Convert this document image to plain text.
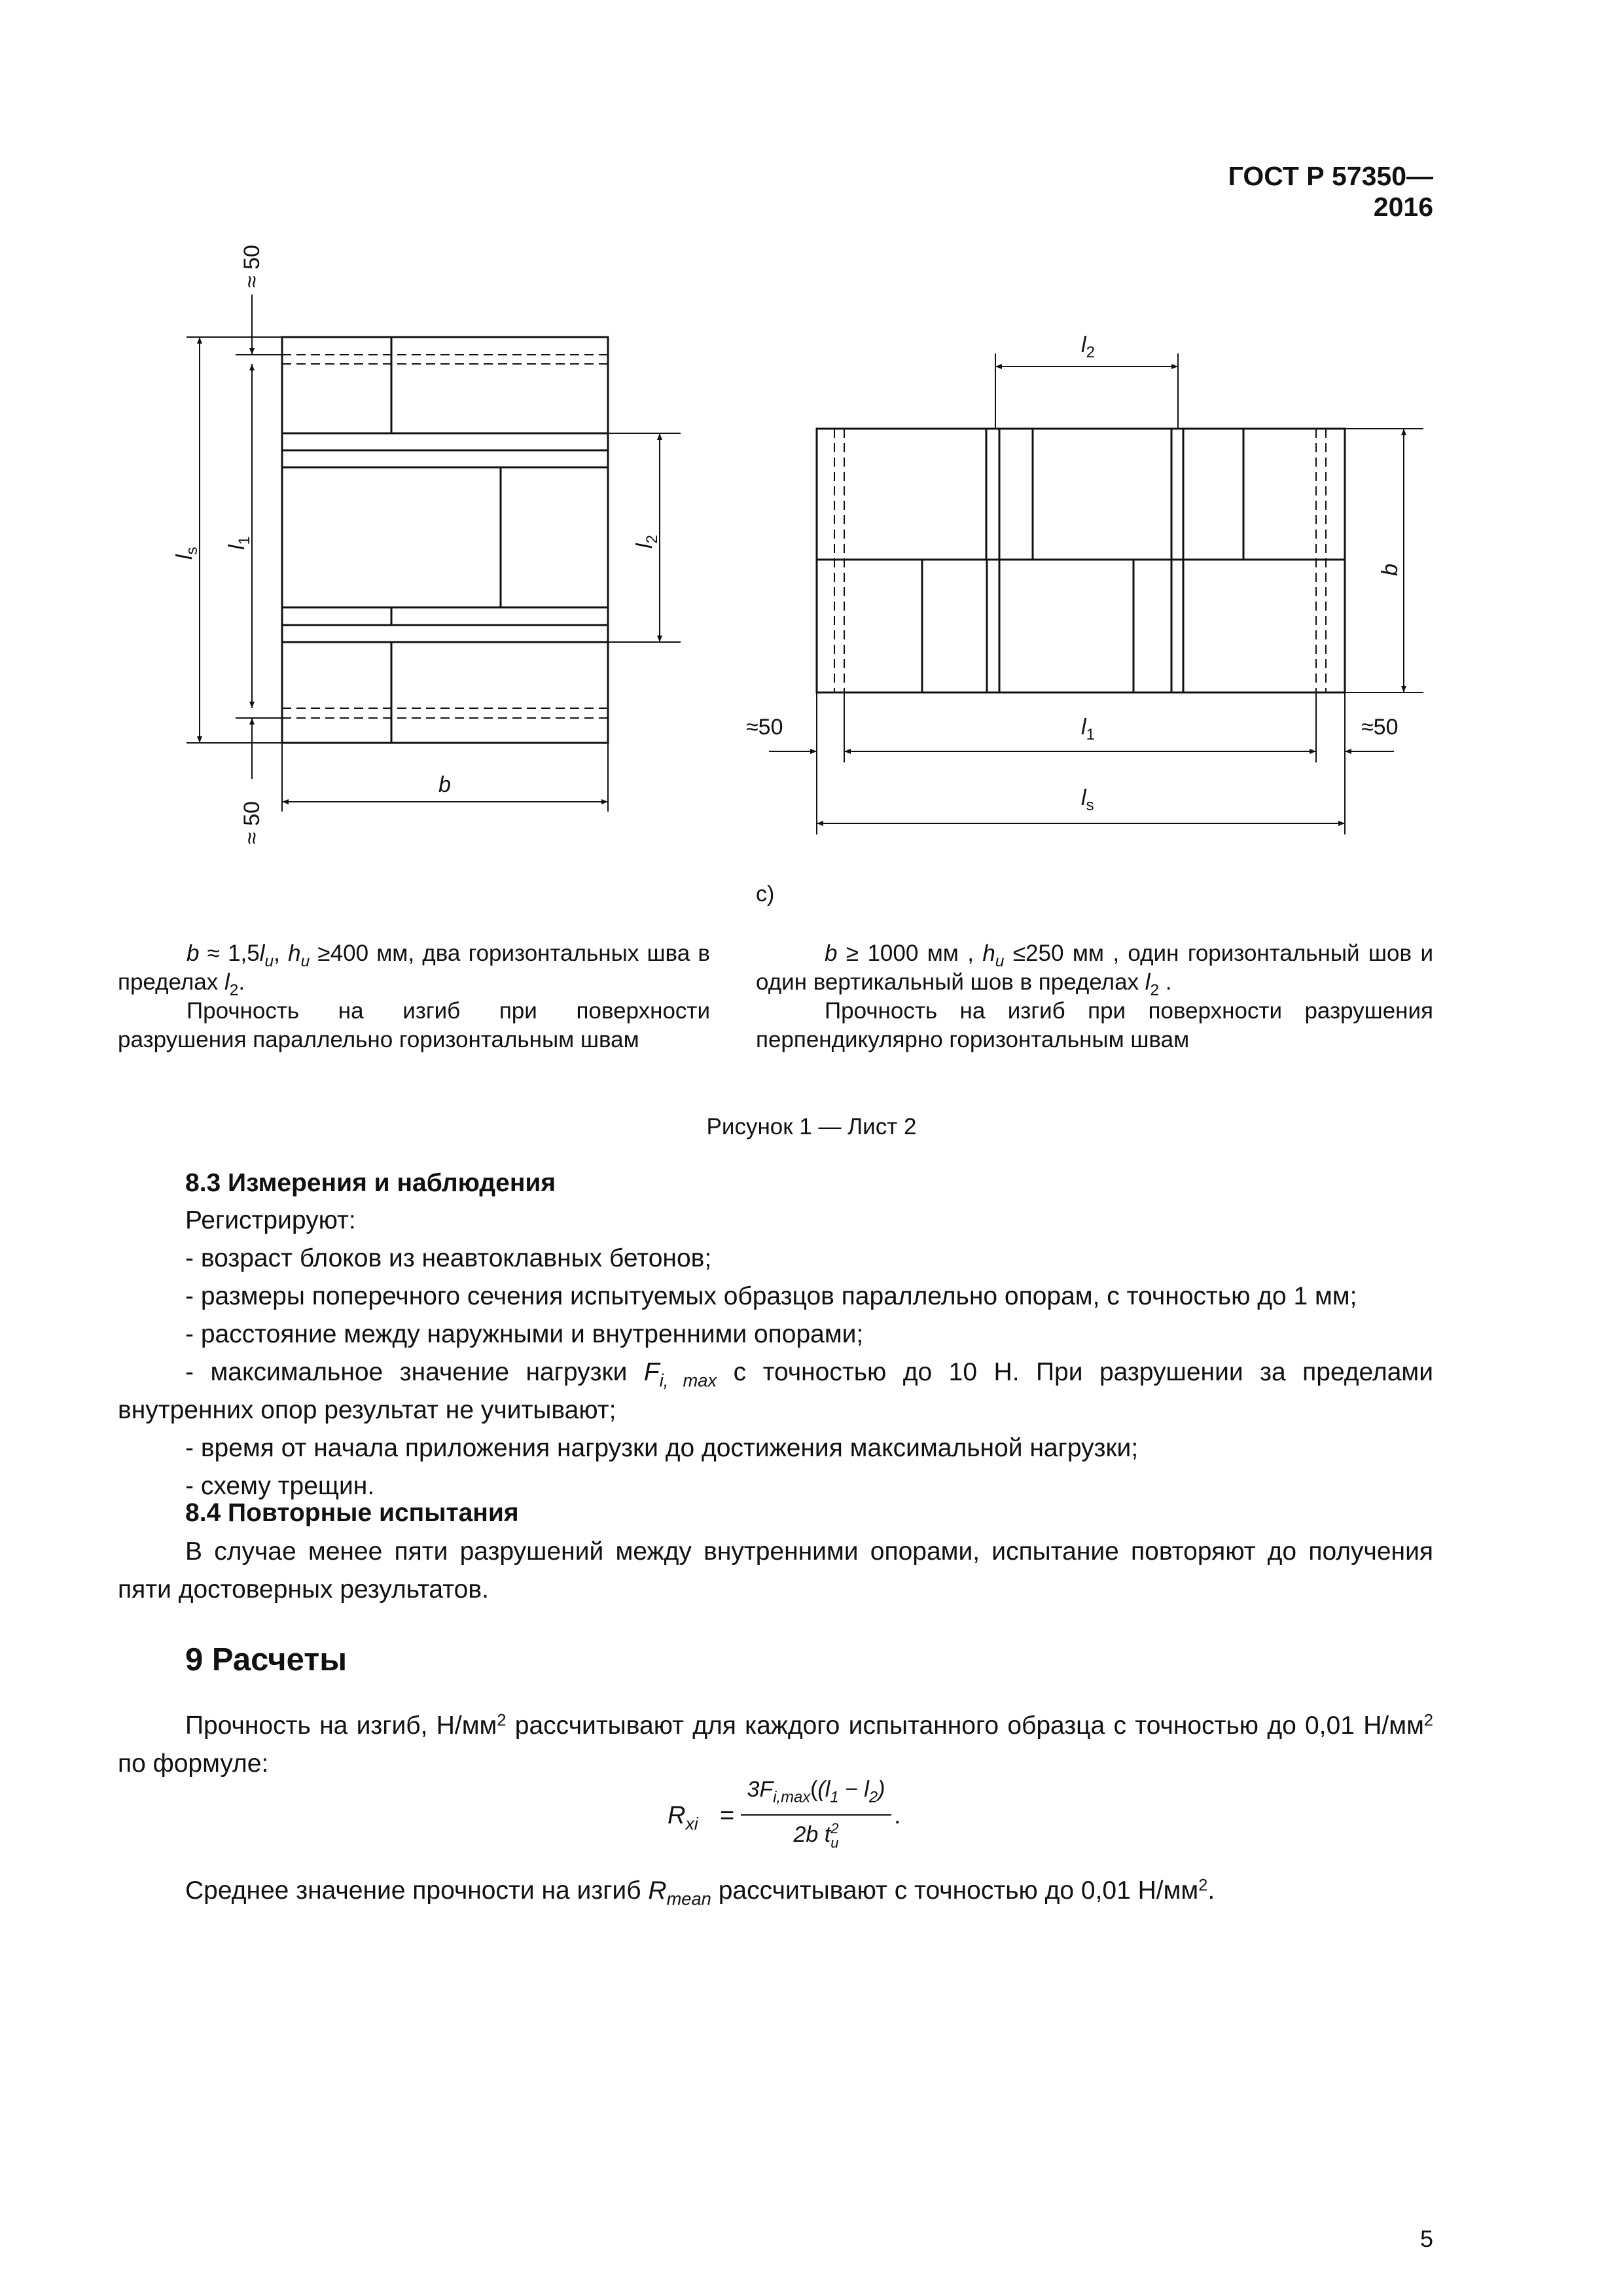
ГОСТ Р 57350—2016
≈ 50
≈ 50
$l_s$ $l_1$
$l_2$
b
$l_2$
b
≈50	≈50
$l_1$
$l_s$
c)

$b \approx 1,5l_u$, $h_u \ge 400$ мм, два горизонтальных шва в пределах $l_2$.

Прочность на изгиб при поверхности разрушения параллельно горизонтальным швам

b ≥ 1000 мм , $h_u \le 250$ мм , один горизонтальный шов и один вертикальный шов в пределах $l_2$ .

Прочность на изгиб при поверхности разрушения перпендикулярно горизонтальным швам

Рисунок 1 — Лист 2
8.3 Измерения и наблюдения

Регистрируют:

- возраст блоков из неавтоклавных бетонов;

- размеры поперечного сечения испытуемых образцов параллельно опорам, с точностью до 1 мм;

- расстояние между наружными и внутренними опорами;

- максимальное значение нагрузки $F_{i, max}$ с точностью до 10 Н. При разрушении за пределами внутренних опор результат не учитывают;

- время от начала приложения нагрузки до достижения максимальной нагрузки;

- схему трещин.

8.4 Повторные испытания

В случае менее пяти разрушений между внутренними опорами, испытание повторяют до получения пяти достоверных результатов.

9 Расчеты

Прочность на изгиб, $Н/мм^2$ рассчитывают для каждого испытанного образца с точностью до 0,01 $Н/мм^2$ по формуле:

$R_{xi}$ =
$3F_{i,max}((l_1 - l_2)$
2b t 2
u
.

Среднее значение прочности на изгиб $R_{mean}$ рассчитывают с точностью до 0,01 $Н/мм^2$.

5
